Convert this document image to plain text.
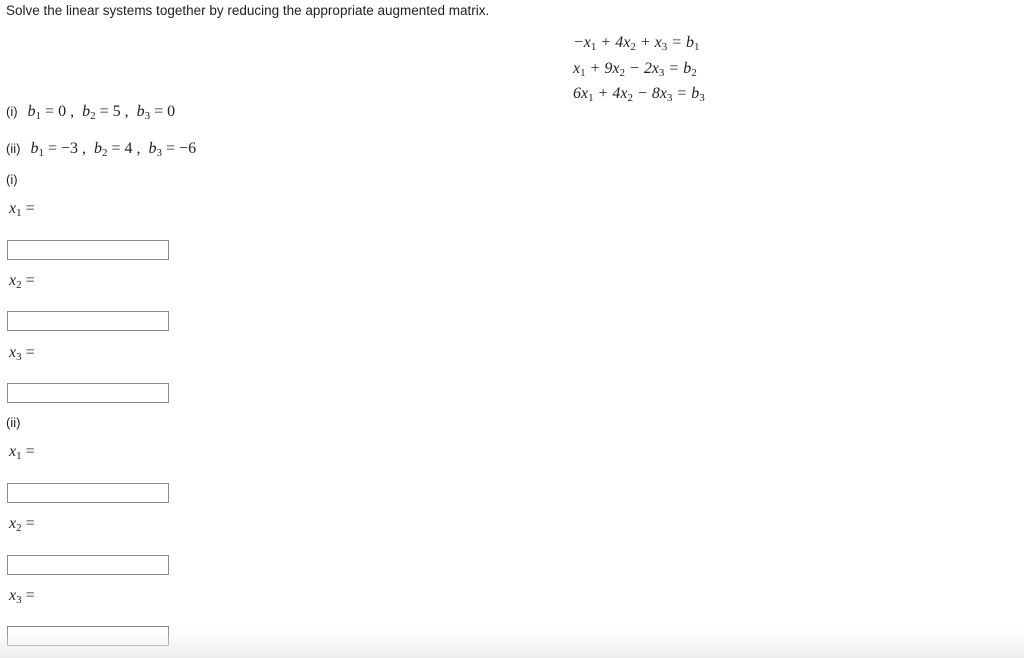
Solve the linear systems together by reducing the appropriate augmented matrix.
$-x_1 + 4x_2 + x_3 = b_1$
$x_1 + 9x_2 - 2x_3 = b_2$
$6x_1 + 4x_2 - 8x_3 = b_3$
(i) $b_1 = 0$ , $b_2 = 5$ , $b_3 = 0$
(ii) $b_1 = -3$ , $b_2 = 4$ , $b_3 = -6$
(i)
$x_1$ =
$x_2$ =
$x_3$ =
(ii)
$x_1$ =
$x_2$ =
$x_3$ =
